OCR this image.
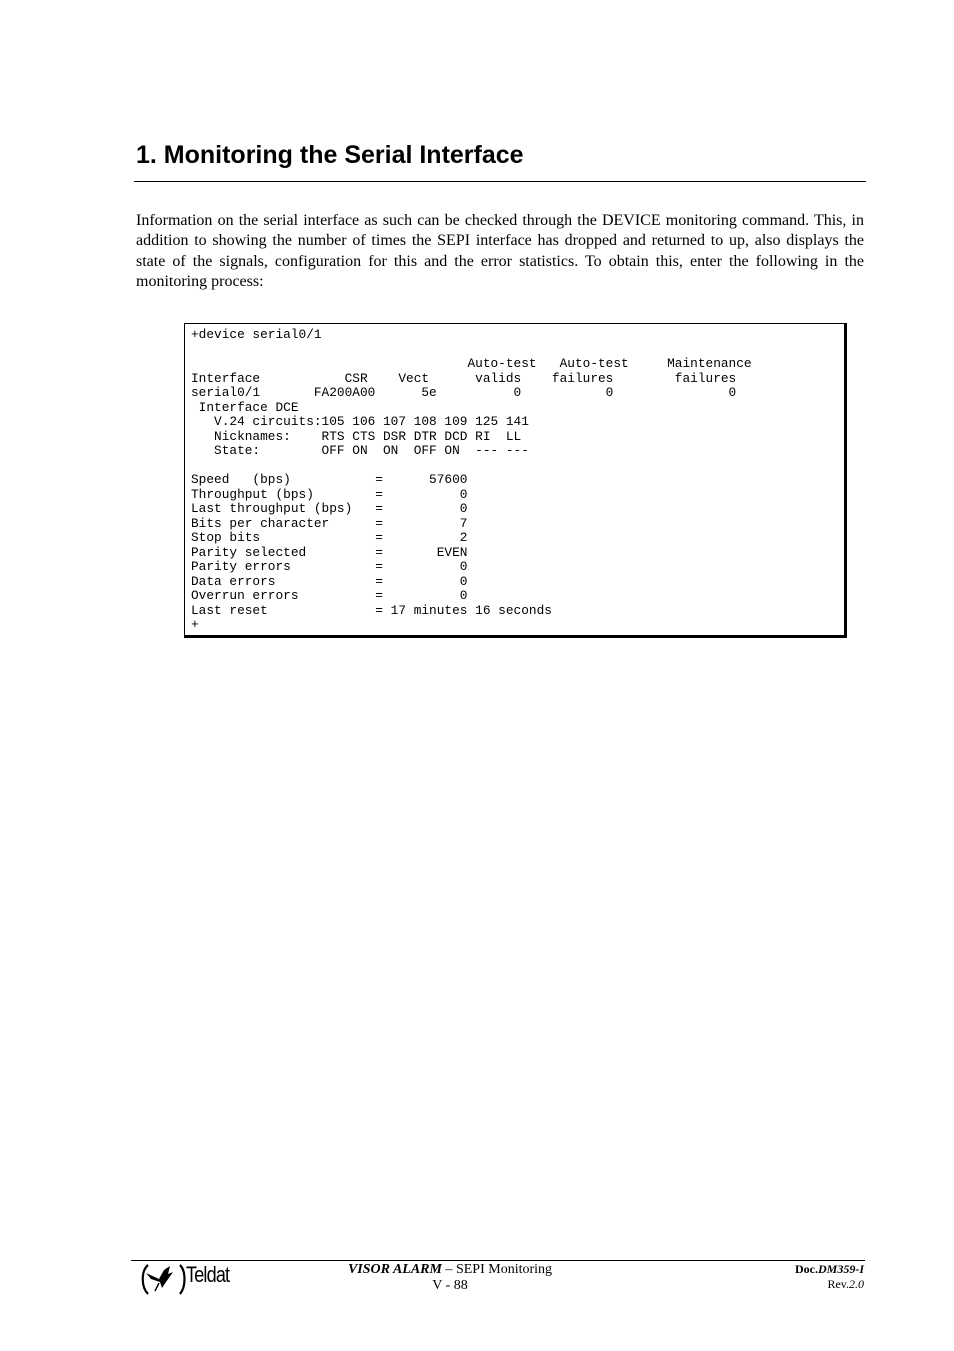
1. Monitoring the Serial Interface

Information on the serial interface as such can be checked through the DEVICE monitoring command. This, in addition to showing the number of times the SEPI interface has dropped and returned to up, also displays the state of the signals, configuration for this and the error statistics. To obtain this, enter the following in the monitoring process:

+device serial0/1

Auto-test   Auto-test     Maintenance
Interface           CSR    Vect      valids    failures        failures
serial0/1       FA200A00      5e          0           0               0
Interface DCE
V.24 circuits:105 106 107 108 109 125 141
Nicknames:    RTS CTS DSR DTR DCD RI  LL
State:        OFF ON  ON  OFF ON  --- ---

Speed   (bps)           =      57600
Throughput (bps)        =          0
Last throughput (bps)   =          0
Bits per character      =          7
Stop bits               =          2
Parity selected         =       EVEN
Parity errors           =          0
Data errors             =          0
Overrun errors          =          0
Last reset              = 17 minutes 16 seconds
+

Teldat	VISOR ALARM – SEPI Monitoring
V - 88
Doc.DM359-I
Rev.2.0
